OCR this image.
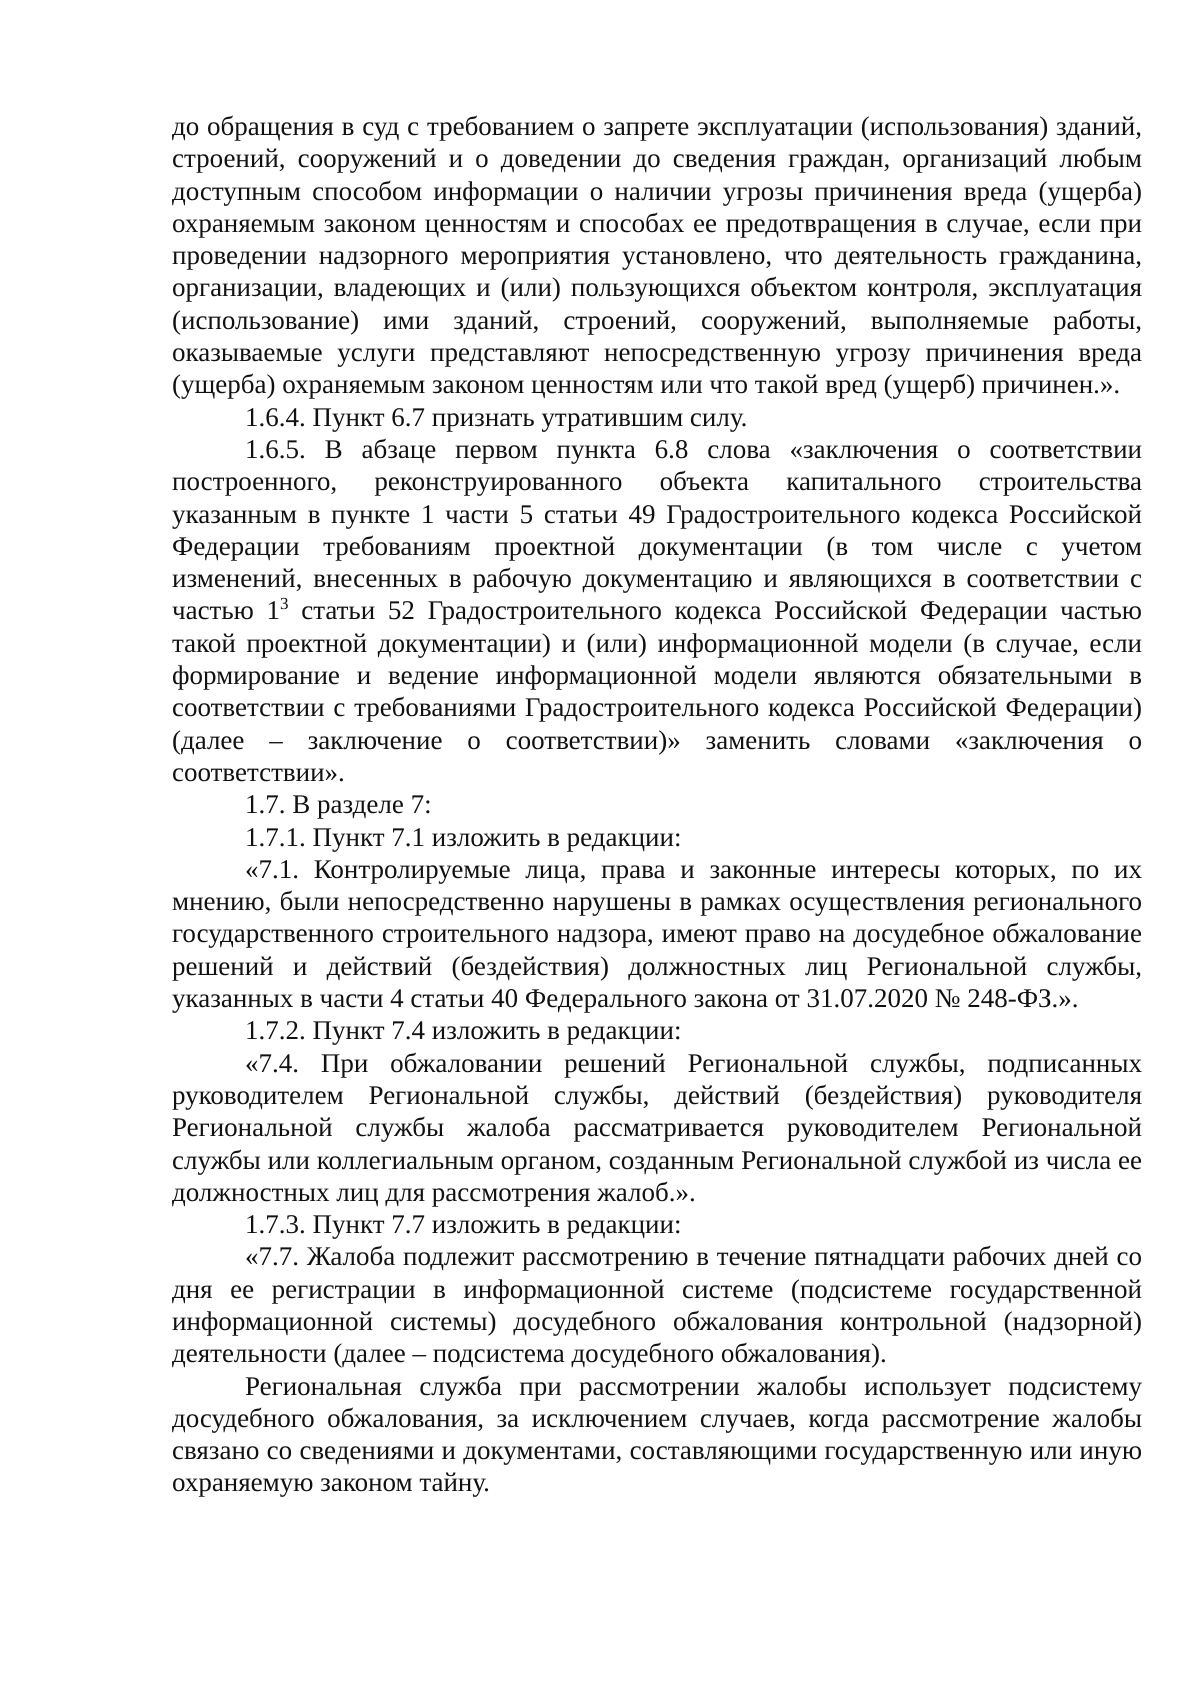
до обращения в суд с требованием о запрете эксплуатации (использования) зданий, строений, сооружений и о доведении до сведения граждан, организаций любым доступным способом информации о наличии угрозы причинения вреда (ущерба) охраняемым законом ценностям и способах ее предотвращения в случае, если при проведении надзорного мероприятия установлено, что деятельность гражданина, организации, владеющих и (или) пользующихся объектом контроля, эксплуатация (использование) ими зданий, строений, сооружений, выполняемые работы, оказываемые услуги представляют непосредственную угрозу причинения вреда (ущерба) охраняемым законом ценностям или что такой вред (ущерб) причинен.».

1.6.4. Пункт 6.7 признать утратившим силу.

1.6.5. В абзаце первом пункта 6.8 слова «заключения о соответствии построенного, реконструированного объекта капитального строительства указанным в пункте 1 части 5 статьи 49 Градостроительного кодекса Российской Федерации требованиям проектной документации (в том числе с учетом изменений, внесенных в рабочую документацию и являющихся в соответствии с частью $1^3$ статьи 52 Градостроительного кодекса Российской Федерации частью такой проектной документации) и (или) информационной модели (в случае, если формирование и ведение информационной модели являются обязательными в соответствии с требованиями Градостроительного кодекса Российской Федерации) (далее – заключение о соответствии)» заменить словами «заключения о соответствии».

1.7. В разделе 7:

1.7.1. Пункт 7.1 изложить в редакции:

«7.1. Контролируемые лица, права и законные интересы которых, по их мнению, были непосредственно нарушены в рамках осуществления регионального государственного строительного надзора, имеют право на досудебное обжалование решений и действий (бездействия) должностных лиц Региональной службы, указанных в части 4 статьи 40 Федерального закона от 31.07.2020 № 248-ФЗ.».

1.7.2. Пункт 7.4 изложить в редакции:

«7.4. При обжаловании решений Региональной службы, подписанных руководителем Региональной службы, действий (бездействия) руководителя Региональной службы жалоба рассматривается руководителем Региональной службы или коллегиальным органом, созданным Региональной службой из числа ее должностных лиц для рассмотрения жалоб.».

1.7.3. Пункт 7.7 изложить в редакции:

«7.7. Жалоба подлежит рассмотрению в течение пятнадцати рабочих дней со дня ее регистрации в информационной системе (подсистеме государственной информационной системы) досудебного обжалования контрольной (надзорной) деятельности (далее – подсистема досудебного обжалования).

Региональная служба при рассмотрении жалобы использует подсистему досудебного обжалования, за исключением случаев, когда рассмотрение жалобы связано со сведениями и документами, составляющими государственную или иную охраняемую законом тайну.
